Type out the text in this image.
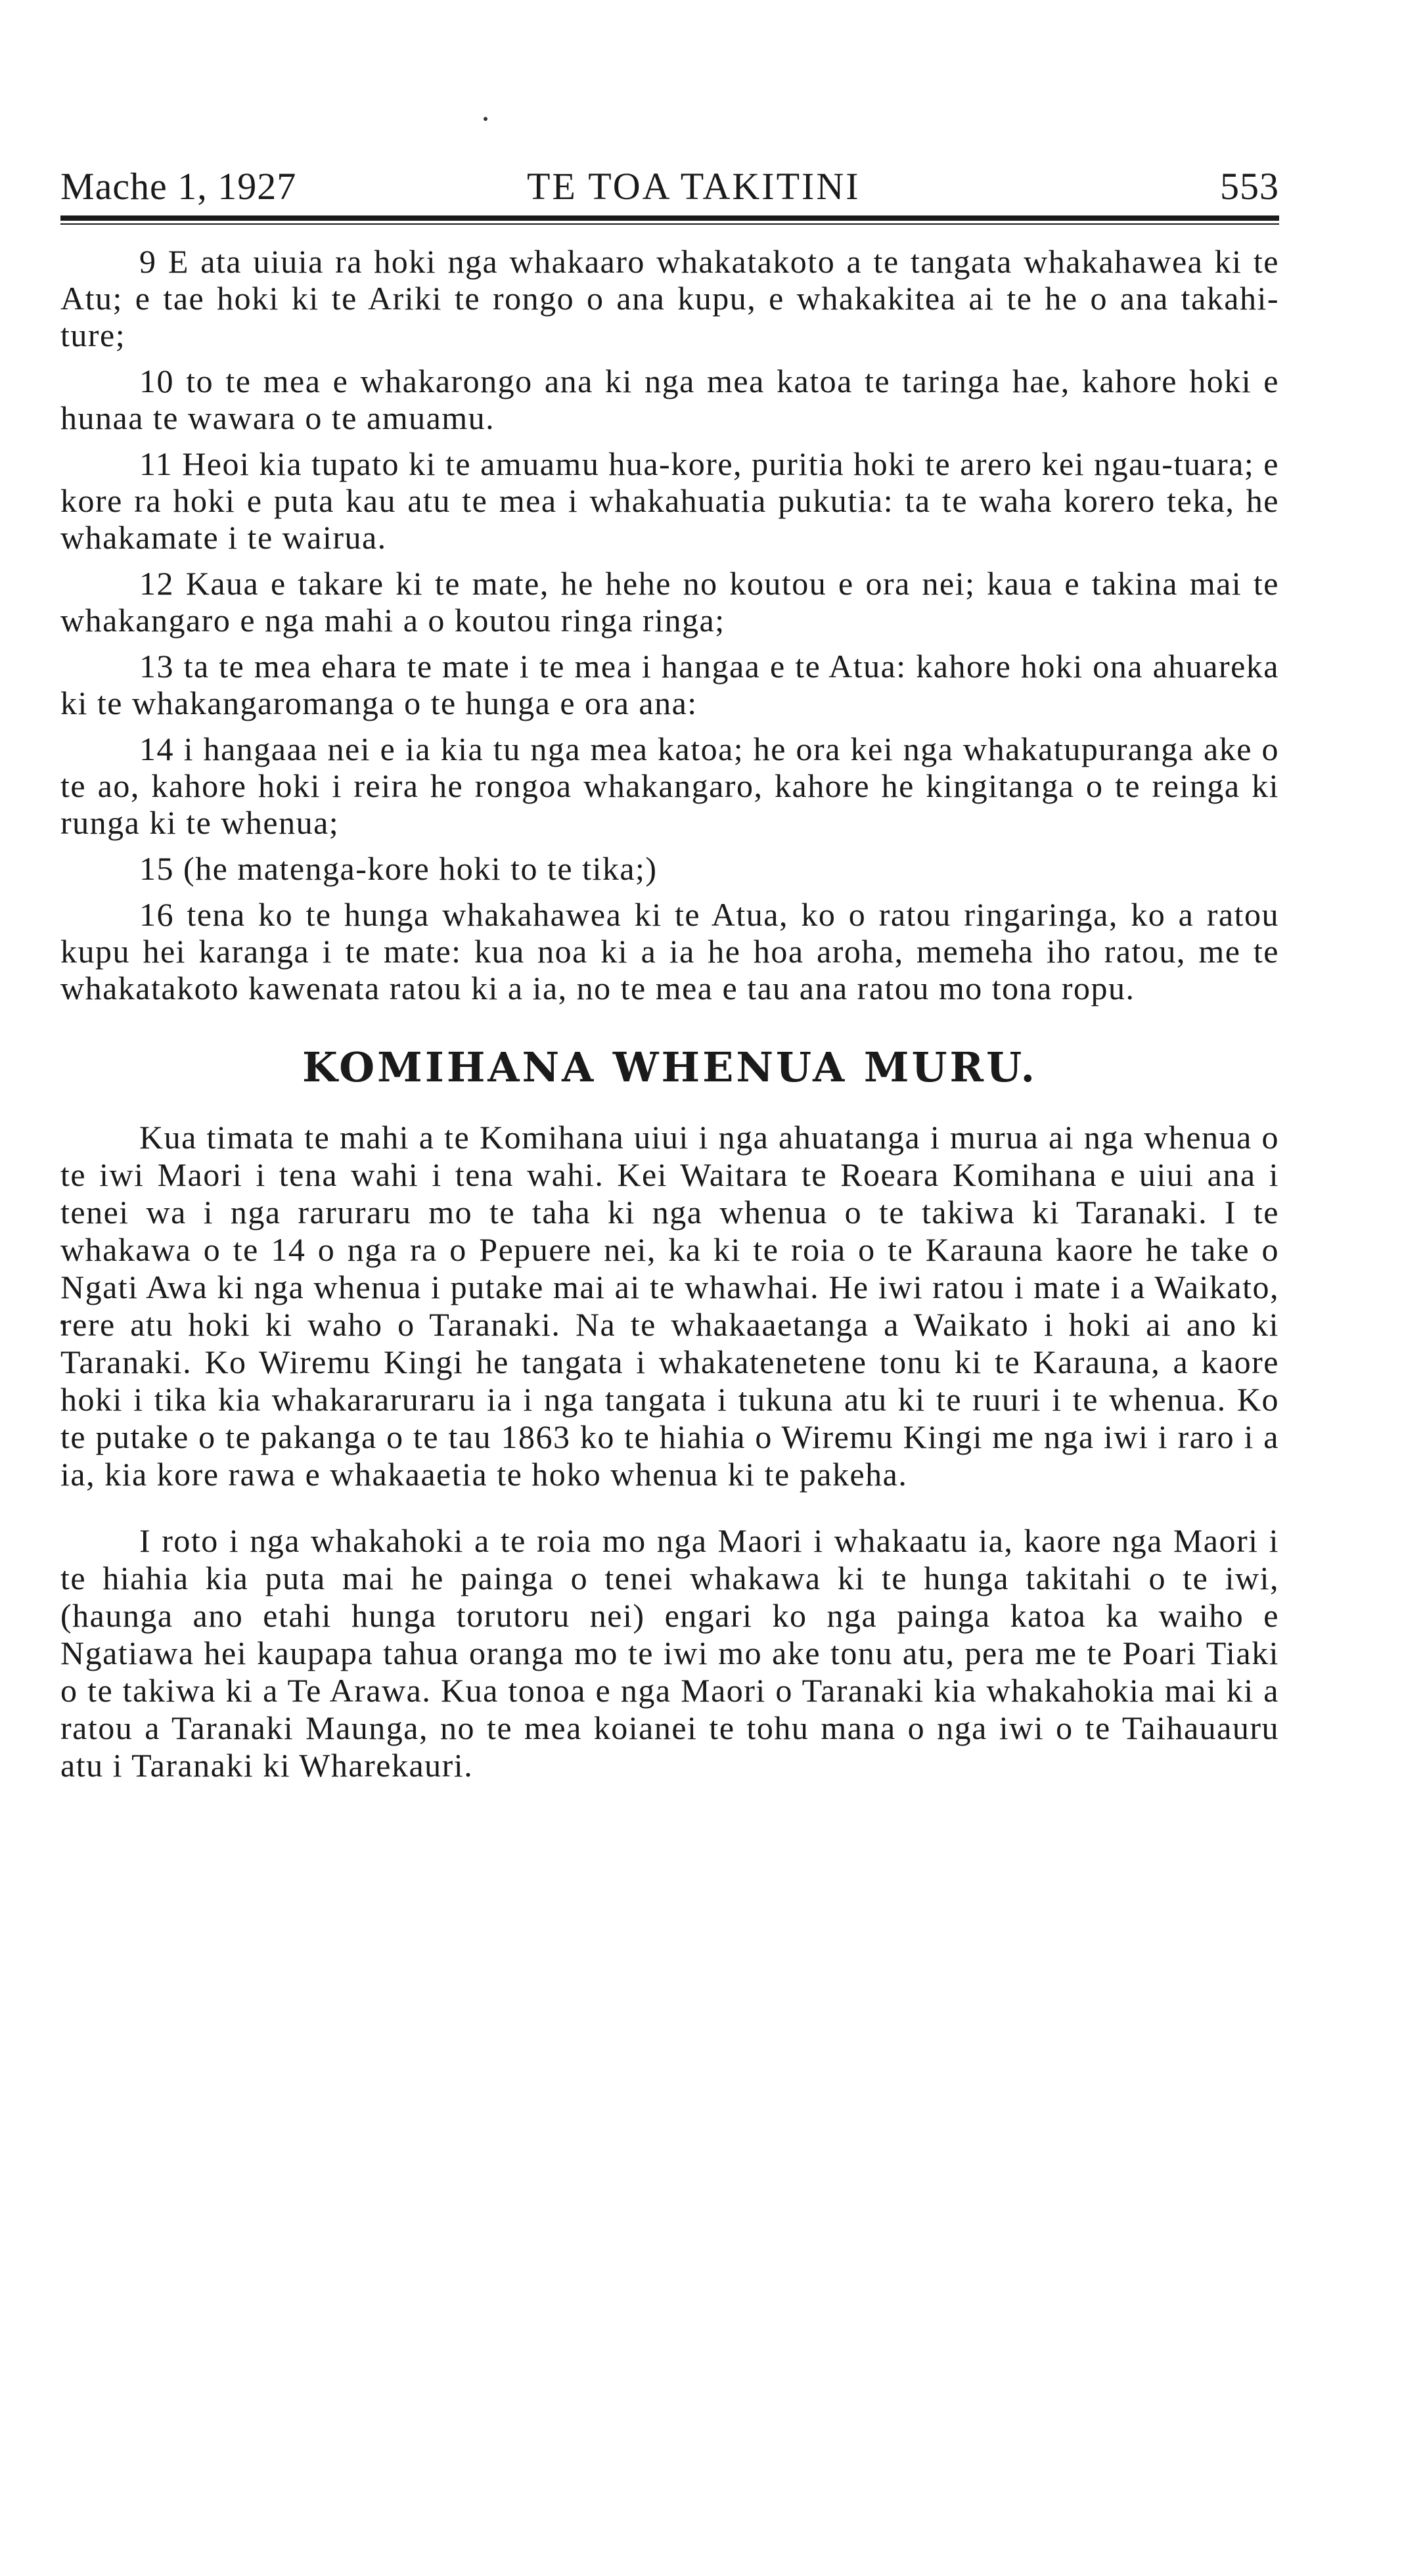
Mache 1, 1927	TE TOA TAKITINI	553

9 E ata uiuia ra hoki nga whakaaro whakatakoto a te tangata whakahawea ki te Atu; e tae hoki ki te Ariki te rongo o ana kupu, e whakakitea ai te he o ana takahi-ture;

10 to te mea e whakarongo ana ki nga mea katoa te taringa hae, kahore hoki e hunaa te wawara o te amuamu.

11 Heoi kia tupato ki te amuamu hua-kore, puritia hoki te arero kei ngau-tuara; e kore ra hoki e puta kau atu te mea i whakahuatia pukutia: ta te waha korero teka, he whakamate i te wairua.

12 Kaua e takare ki te mate, he hehe no koutou e ora nei; kaua e takina mai te whakangaro e nga mahi a o koutou ringa ringa;

13 ta te mea ehara te mate i te mea i hangaa e te Atua: kahore hoki ona ahuareka ki te whakangaromanga o te hunga e ora ana:

14 i hangaaa nei e ia kia tu nga mea katoa; he ora kei nga whakatupuranga ake o te ao, kahore hoki i reira he rongoa whakangaro, kahore he kingitanga o te reinga ki runga ki te whenua;

15 (he matenga-kore hoki to te tika;)

16 tena ko te hunga whakahawea ki te Atua, ko o ratou ringaringa, ko a ratou kupu hei karanga i te mate: kua noa ki a ia he hoa aroha, memeha iho ratou, me te whakatakoto kawenata ratou ki a ia, no te mea e tau ana ratou mo tona ropu.

KOMIHANA WHENUA MURU.

Kua timata te mahi a te Komihana uiui i nga ahuatanga i murua ai nga whenua o te iwi Maori i tena wahi i tena wahi. Kei Waitara te Roeara Komihana e uiui ana i tenei wa i nga raruraru mo te taha ki nga whenua o te takiwa ki Taranaki. I te whakawa o te 14 o nga ra o Pepuere nei, ka ki te roia o te Karauna kaore he take o Ngati Awa ki nga whenua i putake mai ai te whawhai. He iwi ratou i mate i a Waikato, rere atu hoki ki waho o Taranaki. Na te whakaaetanga a Waikato i hoki ai ano ki Taranaki. Ko Wiremu Kingi he tangata i whakatenetene tonu ki te Karauna, a kaore hoki i tika kia whakararuraru ia i nga tangata i tukuna atu ki te ruuri i te whenua. Ko te putake o te pakanga o te tau 1863 ko te hiahia o Wiremu Kingi me nga iwi i raro i a ia, kia kore rawa e whakaaetia te hoko whenua ki te pakeha.

I roto i nga whakahoki a te roia mo nga Maori i whakaatu ia, kaore nga Maori i te hiahia kia puta mai he painga o tenei whakawa ki te hunga takitahi o te iwi, (haunga ano etahi hunga torutoru nei) engari ko nga painga katoa ka waiho e Ngatiawa hei kaupapa tahua oranga mo te iwi mo ake tonu atu, pera me te Poari Tiaki o te takiwa ki a Te Arawa. Kua tonoa e nga Maori o Taranaki kia whakahokia mai ki a ratou a Taranaki Maunga, no te mea koianei te tohu mana o nga iwi o te Taihauauru atu i Taranaki ki Wharekauri.
